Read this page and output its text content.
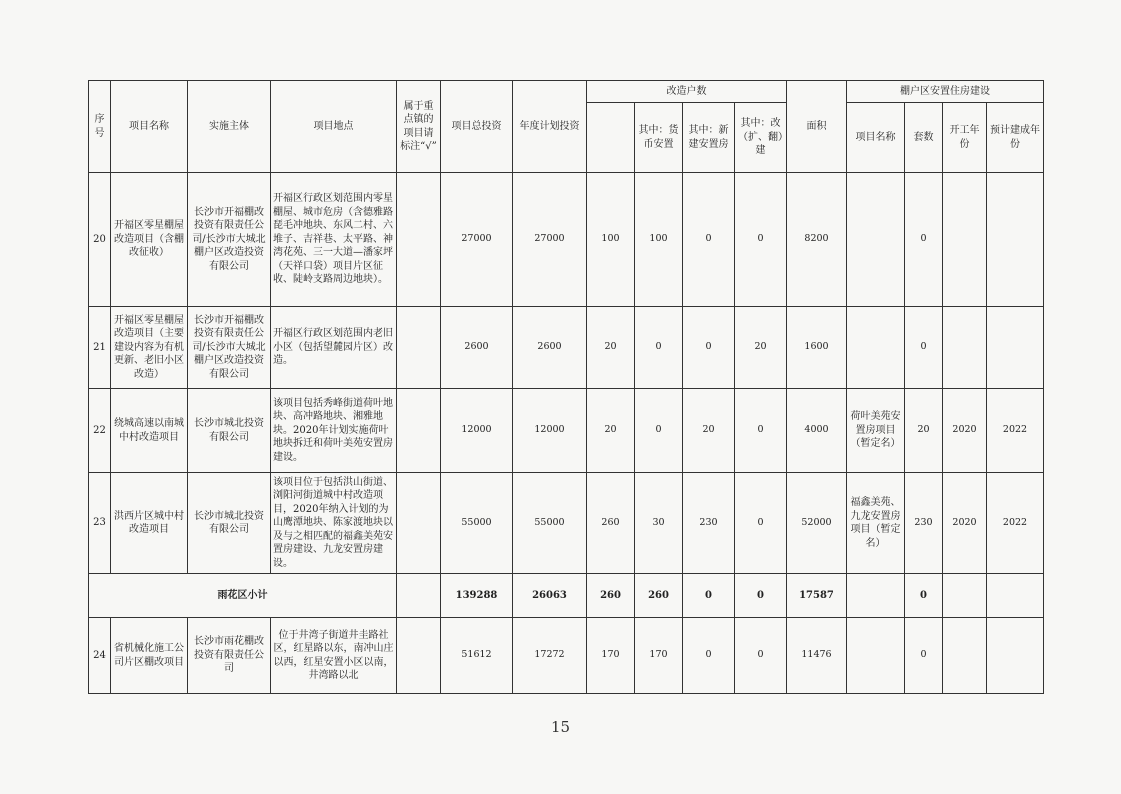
序号	项目名称	实施主体	项目地点	属于重点镇的项目请标注“√”	项目总投资	年度计划投资	改造户数				面积	棚户区安置住房建设			
								其中：货币安置	其中：新建安置房	其中：改（扩、翻）建		项目名称	套数	开工年份	预计建成年份
20	开福区零星棚屋改造项目（含棚改征收）	长沙市开福棚改投资有限责任公司/长沙市大城北棚户区改造投资有限公司	开福区行政区划范围内零星棚屋、城市危房（含德雅路琵毛冲地块、东风二村、六堆子、吉祥巷、太平路、神湾花苑、三一大道—潘家坪（天祥口袋）项目片区征收、陡岭支路周边地块）。		27000	27000	100	100	0	0	8200		0		
21	开福区零星棚屋改造项目（主要建设内容为有机更新、老旧小区改造）	长沙市开福棚改投资有限责任公司/长沙市大城北棚户区改造投资有限公司	开福区行政区划范围内老旧小区（包括望麓园片区）改造。		2600	2600	20	0	0	20	1600		0		
22	绕城高速以南城中村改造项目	长沙市城北投资有限公司	该项目包括秀峰街道荷叶地块、高冲路地块、湘雅地块。2020年计划实施荷叶地块拆迁和荷叶美苑安置房建设。		12000	12000	20	0	20	0	4000	荷叶美苑安置房项目（暂定名）	20	2020	2022
23	洪西片区城中村改造项目	长沙市城北投资有限公司	该项目位于包括洪山街道、浏阳河街道城中村改造项目，2020年纳入计划的为山鹰潭地块、陈家渡地块以及与之相匹配的福鑫美苑安置房建设、九龙安置房建设。		55000	55000	260	30	230	0	52000	福鑫美苑、九龙安置房项目（暂定名）	230	2020	2022
雨花区小计					139288	26063	260	260	0	0	17587		0		
24	省机械化施工公司片区棚改项目	长沙市雨花棚改投资有限责任公司	位于井湾子街道井圭路社区，红星路以东，南冲山庄以西，红星安置小区以南，井湾路以北		51612	17272	170	170	0	0	11476		0		
15
